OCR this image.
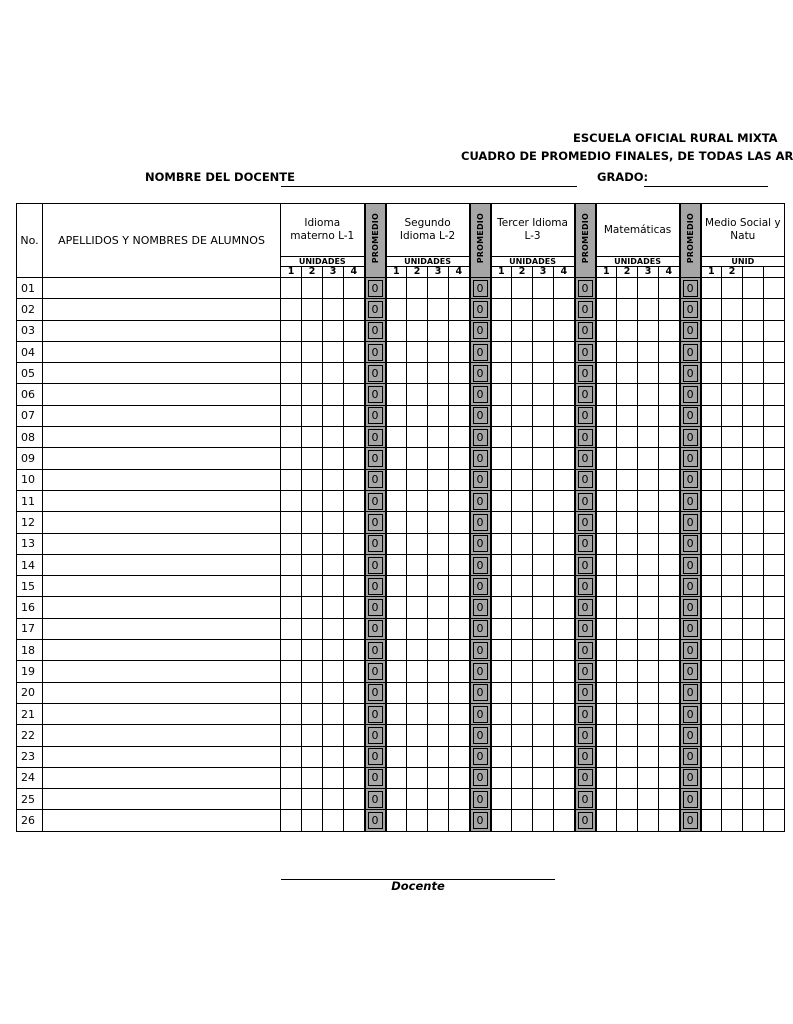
ESCUELA OFICIAL RURAL MIXTA
CUADRO DE PROMEDIO FINALES, DE TODAS LAS AR
NOMBRE DEL DOCENTE	GRADO:
No.	APELLIDOS Y NOMBRES DE ALUMNOS	Idioma materno L-1				PROMEDIO	Segundo Idioma L-2				PROMEDIO	Tercer Idioma L-3				PROMEDIO	Matemáticas				PROMEDIO	Medio Social y Natu			
		UNIDADES					UNIDADES					UNIDADES					UNIDADES					UNID			
		1	2	3	4		1	2	3	4		1	2	3	4		1	2	3	4		1	2		
01						0					0					0					0				
02						0					0					0					0				
03						0					0					0					0				
04						0					0					0					0				
05						0					0					0					0				
06						0					0					0					0				
07						0					0					0					0				
08						0					0					0					0				
09						0					0					0					0				
10						0					0					0					0				
11						0					0					0					0				
12						0					0					0					0				
13						0					0					0					0				
14						0					0					0					0				
15						0					0					0					0				
16						0					0					0					0				
17						0					0					0					0				
18						0					0					0					0				
19						0					0					0					0				
20						0					0					0					0				
21						0					0					0					0				
22						0					0					0					0				
23						0					0					0					0				
24						0					0					0					0				
25						0					0					0					0				
26						0					0					0					0				
Docente
